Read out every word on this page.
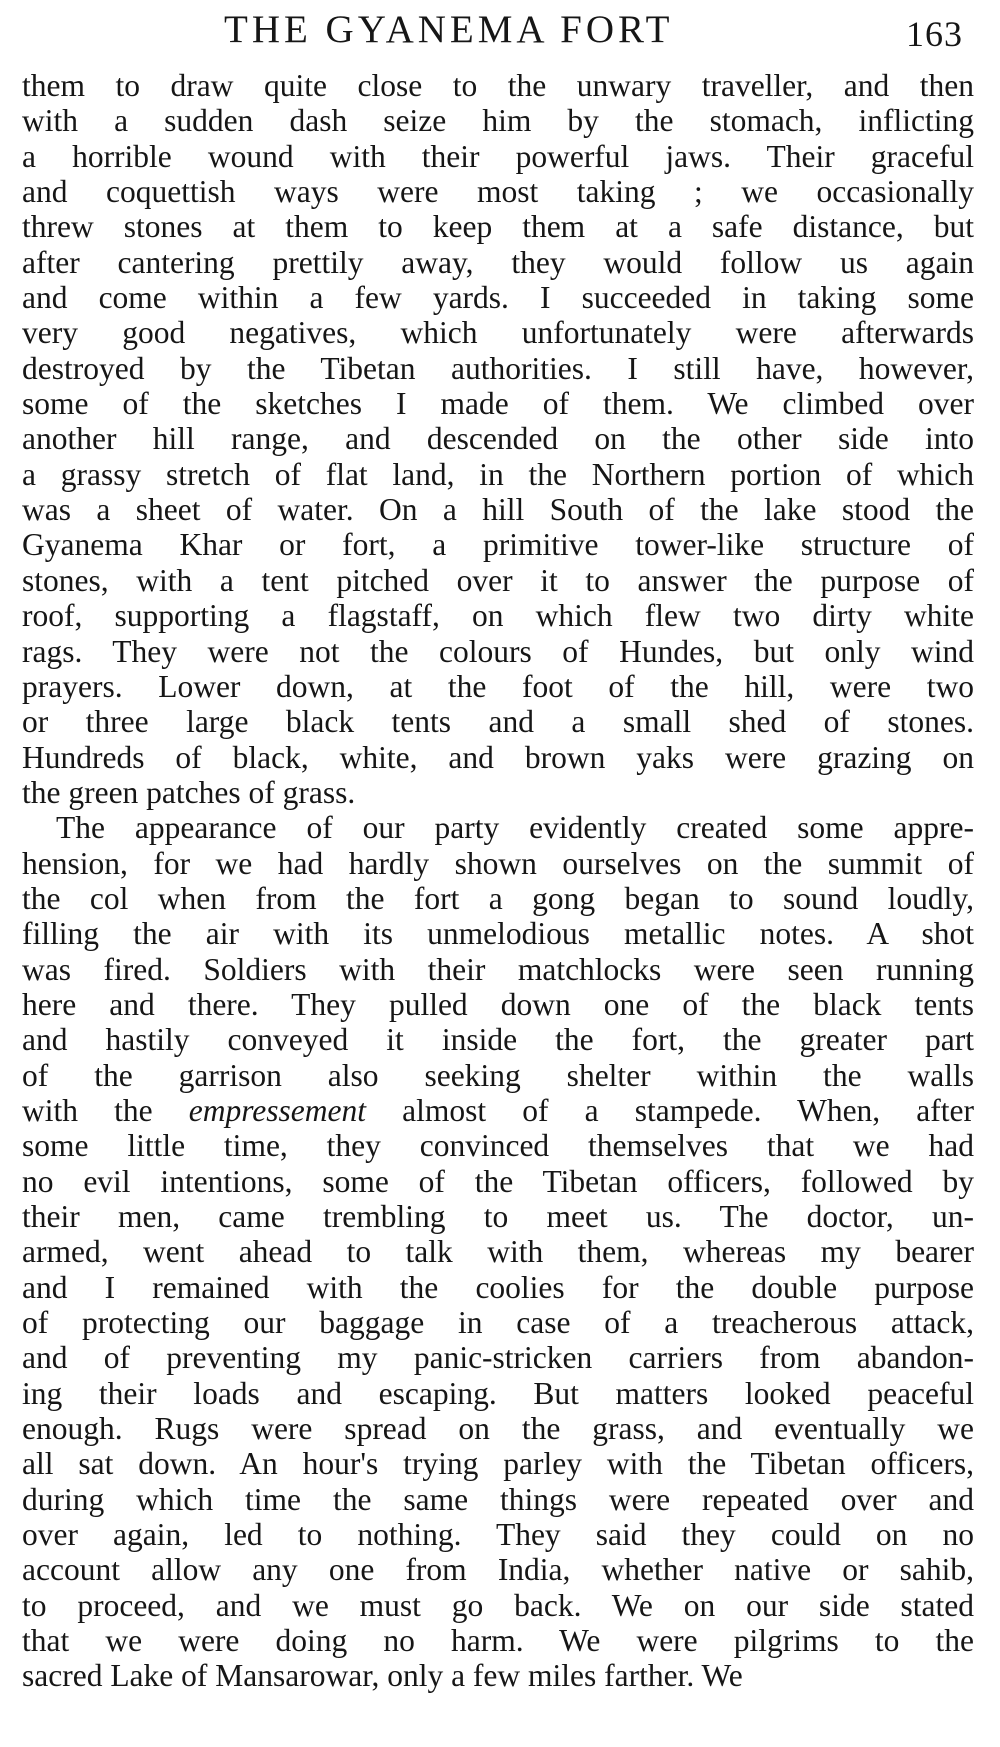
THE GYANEMA FORT	163
them to draw quite close to the unwary traveller, and then
with a sudden dash seize him by the stomach, inflicting
a horrible wound with their powerful jaws. Their graceful
and coquettish ways were most taking ; we occasionally
threw stones at them to keep them at a safe distance, but
after cantering prettily away, they would follow us again
and come within a few yards. I succeeded in taking some
very good negatives, which unfortunately were afterwards
destroyed by the Tibetan authorities. I still have, however,
some of the sketches I made of them. We climbed over
another hill range, and descended on the other side into
a grassy stretch of flat land, in the Northern portion of which
was a sheet of water. On a hill South of the lake stood the
Gyanema Khar or fort, a primitive tower-like structure of
stones, with a tent pitched over it to answer the purpose of
roof, supporting a flagstaff, on which flew two dirty white
rags. They were not the colours of Hundes, but only wind
prayers. Lower down, at the foot of the hill, were two
or three large black tents and a small shed of stones.
Hundreds of black, white, and brown yaks were grazing on
the green patches of grass.
The appearance of our party evidently created some appre-
hension, for we had hardly shown ourselves on the summit of
the col when from the fort a gong began to sound loudly,
filling the air with its unmelodious metallic notes. A shot
was fired. Soldiers with their matchlocks were seen running
here and there. They pulled down one of the black tents
and hastily conveyed it inside the fort, the greater part
of the garrison also seeking shelter within the walls
with the empressement almost of a stampede. When, after
some little time, they convinced themselves that we had
no evil intentions, some of the Tibetan officers, followed by
their men, came trembling to meet us. The doctor, un-
armed, went ahead to talk with them, whereas my bearer
and I remained with the coolies for the double purpose
of protecting our baggage in case of a treacherous attack,
and of preventing my panic-stricken carriers from abandon-
ing their loads and escaping. But matters looked peaceful
enough. Rugs were spread on the grass, and eventually we
all sat down. An hour's trying parley with the Tibetan officers,
during which time the same things were repeated over and
over again, led to nothing. They said they could on no
account allow any one from India, whether native or sahib,
to proceed, and we must go back. We on our side stated
that we were doing no harm. We were pilgrims to the
sacred Lake of Mansarowar, only a few miles farther. We
